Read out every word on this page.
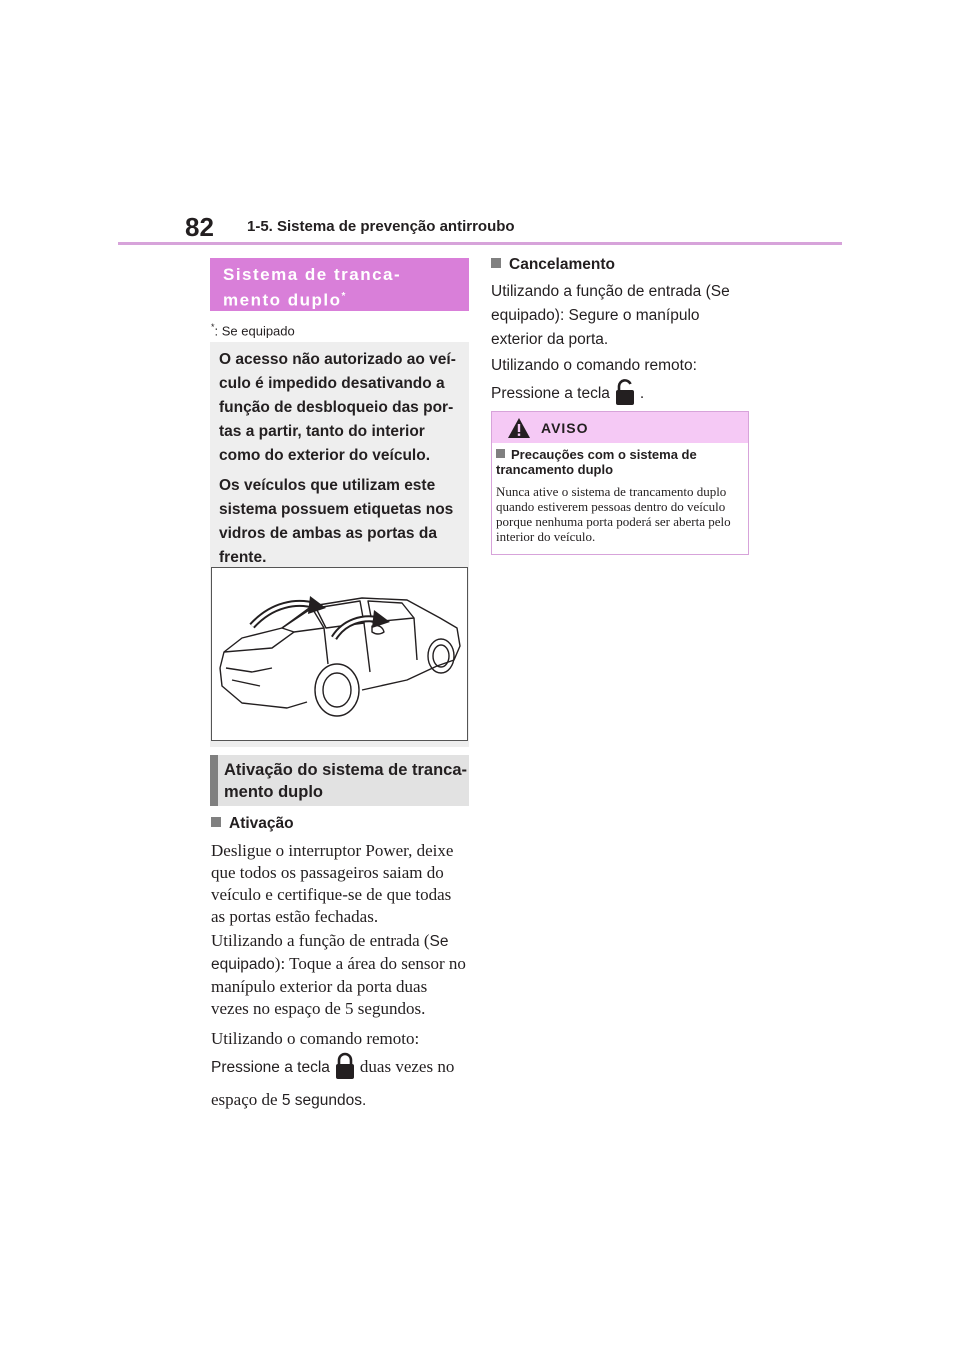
82 1-5. Sistema de prevenção antirroubo
Sistema de tranca-
mento duplo*
*: Se equipado

O acesso não autorizado ao veí- culo é impedido desativando a função de desbloqueio das por- tas a partir, tanto do interior como do exterior do veículo.

Os veículos que utilizam este sistema possuem etiquetas nos vidros de ambas as portas da frente.

Ativação do sistema de tranca-
mento duplo
Ativação
Desligue o interruptor Power, deixe que todos os passageiros saiam do veículo e certifique-se de que todas as portas estão fechadas.
Utilizando a função de entrada (Se equipado): Toque a área do sensor no manípulo exterior da porta duas vezes no espaço de 5 segundos.
Utilizando o comando remoto:
Pressione a tecla duas vezes no
espaço de 5 segundos.
Cancelamento
Utilizando a função de entrada (Se equipado): Segure o manípulo exterior da porta.
Utilizando o comando remoto:
Pressione a tecla .
AVISO
Precauções com o sistema de trancamento duplo
Nunca ative o sistema de trancamento duplo quando estiverem pessoas dentro do veículo porque nenhuma porta poderá ser aberta pelo interior do veículo.
